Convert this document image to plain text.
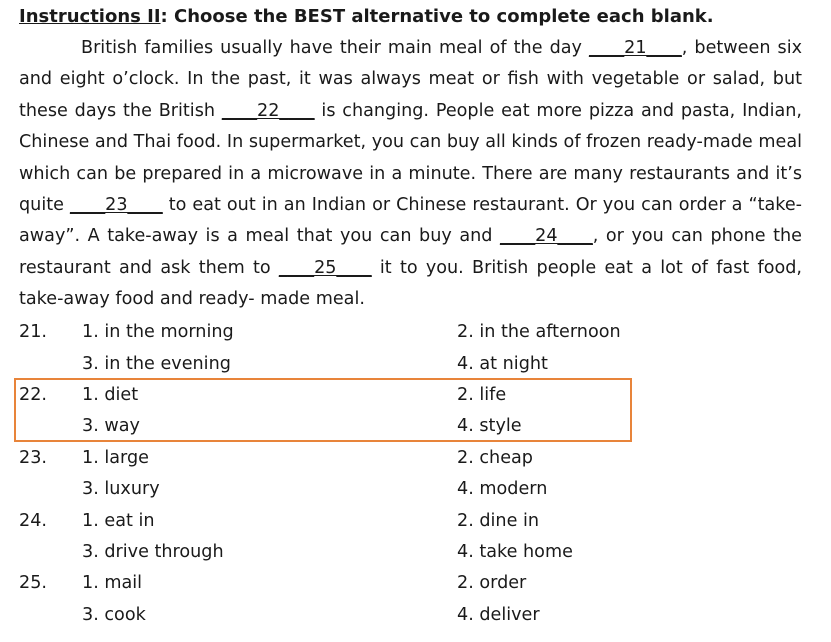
Instructions II: Choose the BEST alternative to complete each blank.
British families usually have their main meal of the day ____21____, between six and eight o’clock. In the past, it was always meat or fish with vegetable or salad, but these days the British ____22____ is changing. People eat more pizza and pasta, Indian, Chinese and Thai food. In supermarket, you can buy all kinds of frozen ready-made meal which can be prepared in a microwave in a minute. There are many restaurants and it’s quite ____23____ to eat out in an Indian or Chinese restaurant. Or you can order a “take-away”. A take-away is a meal that you can buy and ____24____, or you can phone the restaurant and ask them to ____25____ it to you. British people eat a lot of fast food, take-away food and ready- made meal.
21. 1. in the morning	2. in the afternoon
3. in the evening	4. at night
22. 1. diet	2. life
3. way	4. style
23. 1. large	2. cheap
3. luxury	4. modern
24. 1. eat in	2. dine in
3. drive through	4. take home
25. 1. mail	2. order
3. cook	4. deliver
